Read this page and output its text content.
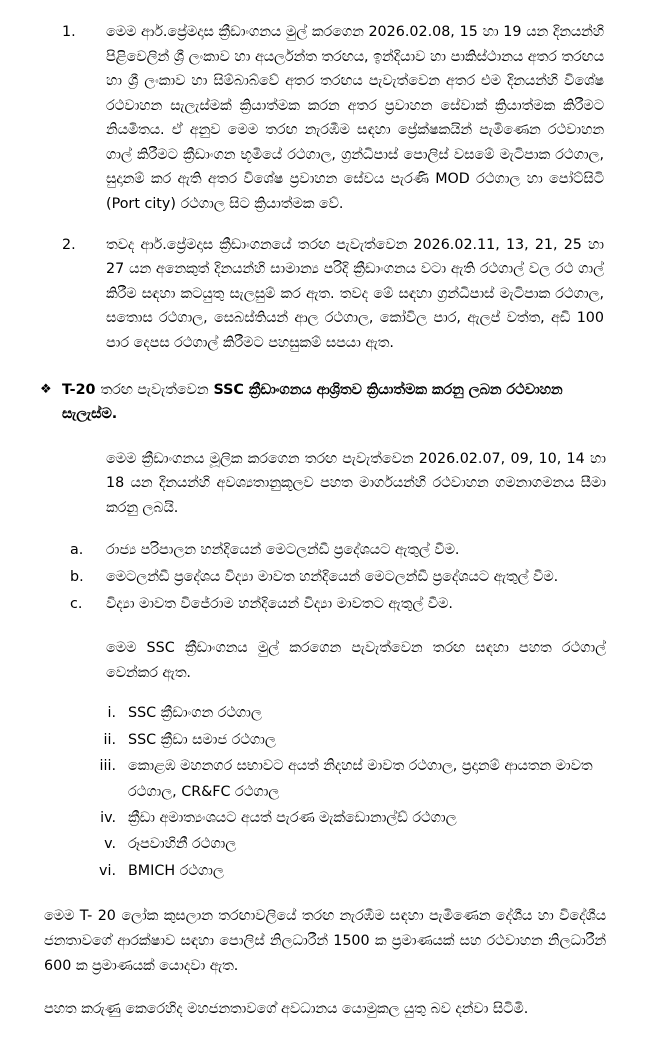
1.	මෙම ආර්.ප්‍රේමදාස ක්‍රීඩාංගනය මුල් කරගෙන 2026.02.08, 15 හා 19 යන දිනයන්හි පිළිවෙලින් ශ්‍රී ලංකාව හා අයර්ලන්ත තරඟය, ඉන්දියාව හා පාකිස්ථානය අතර තරඟය හා ශ්‍රී ලංකාව හා සිම්බාබ්වේ අතර තරඟය පැවැත්වෙන අතර එම දිනයන්හි විශේෂ රථවාහන සැලැස්මක් ක්‍රියාත්මක කරන අතර ප්‍රවාහන සේවාක් ක්‍රියාත්මක කිරීමට නියමිතය. ඒ අනුව මෙම තරඟ නැරඹීම සඳහා ප්‍රේක්ෂකයින් පැමිණෙන රථවාහන ගාල් කිරීමට ක්‍රීඩාංගන භූමියේ රථගාල, ග්‍රන්ධිපාස් පොලිස් වසමේ මැටිපාක රථගාල, සුදානම් කර ඇති අතර විශේෂ ප්‍රවාහන සේවය පැරණි MOD රථගාල හා පෝට්සිටි (Port city) රථගාල සිට ක්‍රියාත්මක වේ.
2.	තවද ආර්.ප්‍රේමදාස ක්‍රීඩාංගනයේ තරඟ පැවැත්වෙන 2026.02.11, 13, 21, 25 හා 27 යන අනෙකුත් දිනයන්හි සාමාන්‍ය පරිදි ක්‍රීඩාංගනය වටා ඇති රථගාල් වල රථ ගාල් කිරීම සඳහා කටයුතු සැලසුම් කර ඇත. තවද මේ සඳහා ග්‍රන්ධිපාස් මැටිපාක රථගාල, සතොස රථගාල, සෙබස්තියන් ආල රථගාල, කෝවිල පාර, ඇලප් වත්ත, අඩි 100 පාර දෙපස රථගාල් කිරීමට පහසුකම් සපයා ඇත.
❖ T-20 තරඟ පැවැත්වෙන SSC ක්‍රීඩාංගනය ආශ්‍රිතව ක්‍රියාත්මක කරනු ලබන රථවාහන සැලැස්ම.
මෙම ක්‍රීඩාංගනය මූලික කරගෙන තරඟ පැවැත්වෙන 2026.02.07, 09, 10, 14 හා 18 යන දිනයන්හි අවශ්‍යතානුකූලව පහත මාර්ගයන්හි රථවාහන ගමනාගමනය සීමා කරනු ලබයි.
a.	රාජ්‍ය පරිපාලන හන්දියෙන් මෙටලන්ඩී ප්‍රදේශයට ඇතුල් වීම.
b.	මෙටලන්ඩී ප්‍රදේශය විද්‍යා මාවත හන්දියෙන් මෙටලන්ඩී ප්‍රදේශයට ඇතුල් වීම.
c.	විද්‍යා මාවත විජේරාම හන්දියෙන් විද්‍යා මාවතට ඇතුල් වීම.
මෙම SSC ක්‍රීඩාංගනය මුල් කරගෙන පැවැත්වෙන තරඟ සඳහා පහත රථගාල් වෙන්කර ඇත.
i. SSC ක්‍රීඩාංගන රථගාල
ii. SSC ක්‍රීඩා සමාජ රථගාල
iii. කොළඹ මහනගර සභාවට අයත් නිදහස් මාවත රථගාල, ප්‍රදානම් ආයතන මාවත රථගාල, CR&FC රථගාල
iv. ක්‍රීඩා අමාත්‍යංශයට අයත් පැරණ මැක්ඩොනාල්ඩ් රථගාල
v. රූපවාහිනී රථගාල
vi. BMICH රථගාල
මෙම T- 20 ලෝක කුසලාන තරඟාවලියේ තරඟ නැරඹීම සඳහා පැමිණෙන දේශීය හා විදේශීය ජනතාවගේ ආරක්ෂාව සඳහා පොලිස් නිලධාරීන් 1500 ක ප්‍රමාණයක් සහ රථවාහන නිලධාරීන් 600 ක ප්‍රමාණයක් යොදවා ඇත.
පහත කරුණු කෙරෙහිද මහජනතාවගේ අවධානය යොමුකල යුතු බව දන්වා සිටිමි.
